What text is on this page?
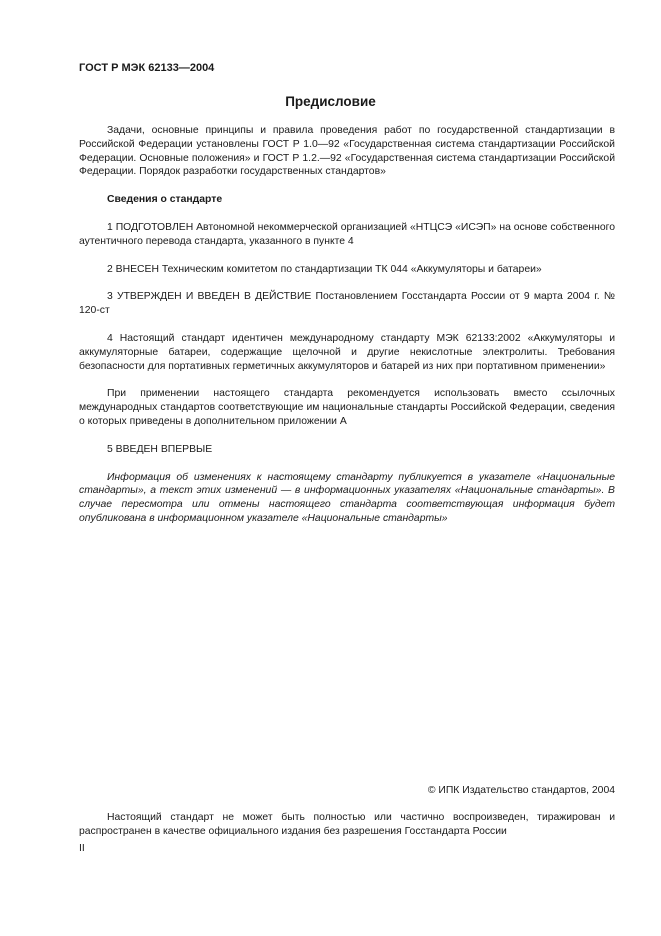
ГОСТ Р МЭК 62133—2004
Предисловие

Задачи, основные принципы и правила проведения работ по государственной стандартизации в Российской Федерации установлены ГОСТ Р 1.0—92 «Государственная система стандартизации Российской Федерации. Основные положения» и ГОСТ Р 1.2.—92 «Государственная система стандартизации Российской Федерации. Порядок разработки государственных стандартов»

Сведения о стандарте

1 ПОДГОТОВЛЕН Автономной некоммерческой организацией «НТЦСЭ «ИСЭП» на основе собственного аутентичного перевода стандарта, указанного в пункте 4

2 ВНЕСЕН Техническим комитетом по стандартизации ТК 044 «Аккумуляторы и батареи»

3 УТВЕРЖДЕН И ВВЕДЕН В ДЕЙСТВИЕ Постановлением Госстандарта России от 9 марта 2004 г. № 120-ст

4 Настоящий стандарт идентичен международному стандарту МЭК 62133:2002 «Аккумуляторы и аккумуляторные батареи, содержащие щелочной и другие некислотные электролиты. Требования безопасности для портативных герметичных аккумуляторов и батарей из них при портативном применении»

При применении настоящего стандарта рекомендуется использовать вместо ссылочных международных стандартов соответствующие им национальные стандарты Российской Федерации, сведения о которых приведены в дополнительном приложении А

5 ВВЕДЕН ВПЕРВЫЕ

Информация об изменениях к настоящему стандарту публикуется в указателе «Национальные стандарты», а текст этих изменений — в информационных указателях «Национальные стандарты». В случае пересмотра или отмены настоящего стандарта соответствующая информация будет опубликована в информационном указателе «Национальные стандарты»

© ИПК Издательство стандартов, 2004

Настоящий стандарт не может быть полностью или частично воспроизведен, тиражирован и распространен в качестве официального издания без разрешения Госстандарта России

II
